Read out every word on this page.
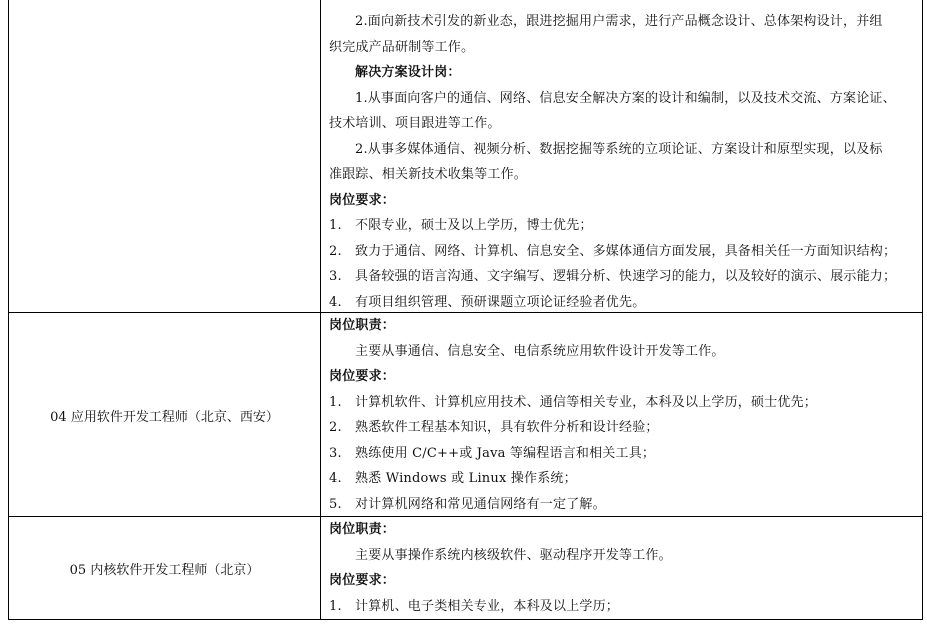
2.面向新技术引发的新业态，跟进挖掘用户需求，进行产品概念设计、总体架构设计，并组
织完成产品研制等工作。
解决方案设计岗：
1.从事面向客户的通信、网络、信息安全解决方案的设计和编制，以及技术交流、方案论证、
技术培训、项目跟进等工作。
2.从事多媒体通信、视频分析、数据挖掘等系统的立项论证、方案设计和原型实现，以及标
准跟踪、相关新技术收集等工作。
岗位要求：
1. 不限专业，硕士及以上学历，博士优先；
2. 致力于通信、网络、计算机、信息安全、多媒体通信方面发展，具备相关任一方面知识结构；
3. 具备较强的语言沟通、文字编写、逻辑分析、快速学习的能力，以及较好的演示、展示能力；
4. 有项目组织管理、预研课题立项论证经验者优先。
04 应用软件开发工程师（北京、西安）
岗位职责：
主要从事通信、信息安全、电信系统应用软件设计开发等工作。
岗位要求：
1. 计算机软件、计算机应用技术、通信等相关专业，本科及以上学历，硕士优先；
2. 熟悉软件工程基本知识，具有软件分析和设计经验；
3. 熟练使用 C/C++或 Java 等编程语言和相关工具；
4. 熟悉 Windows 或 Linux 操作系统；
5. 对计算机网络和常见通信网络有一定了解。
05 内核软件开发工程师（北京）
岗位职责：
主要从事操作系统内核级软件、驱动程序开发等工作。
岗位要求：
1. 计算机、电子类相关专业，本科及以上学历；
